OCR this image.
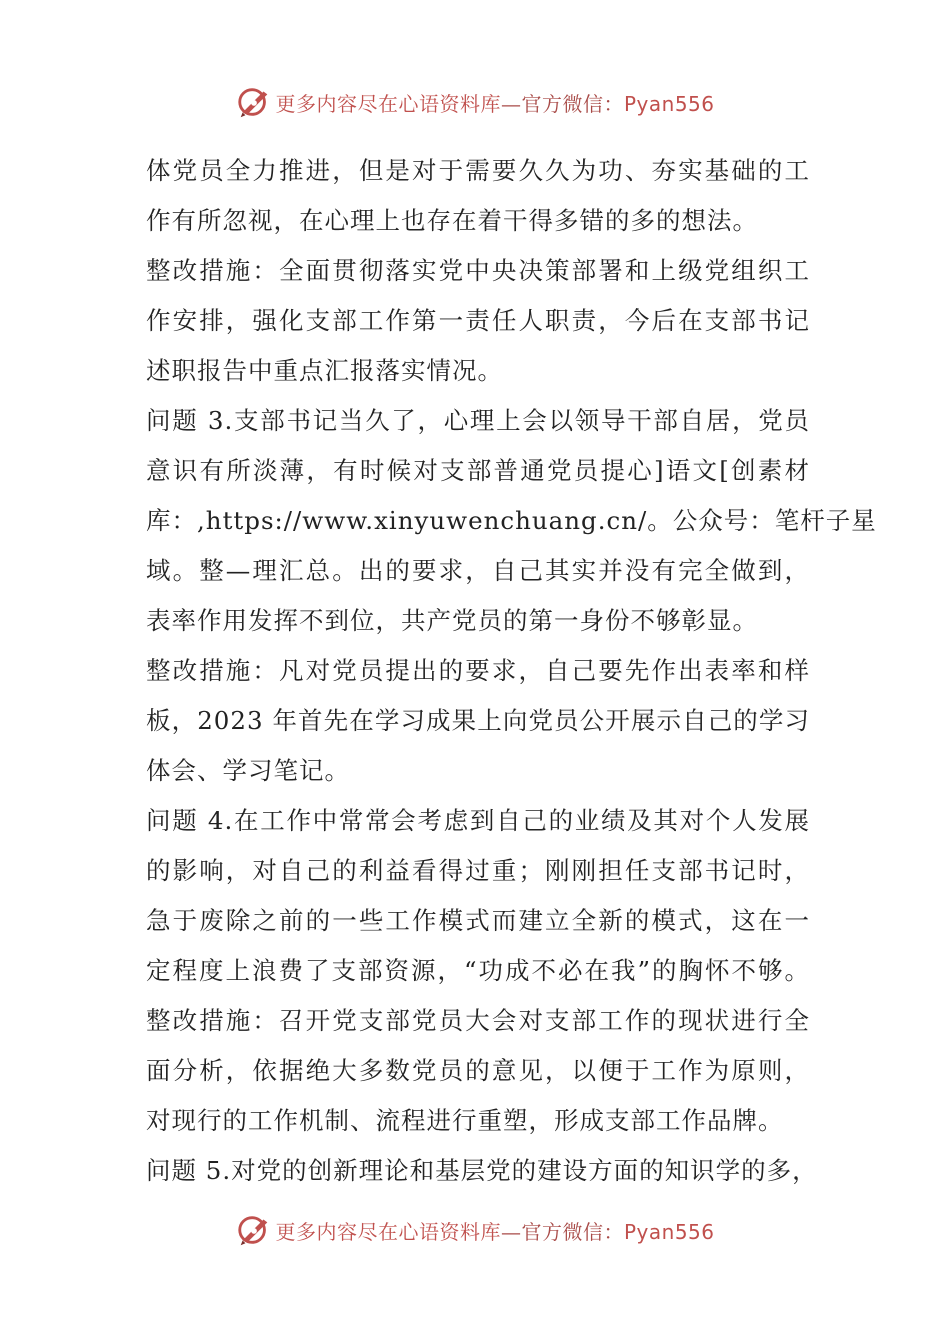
更多内容尽在心语资料库—官方微信：Pyan556
体党员全力推进，但是对于需要久久为功、夯实基础的工
作有所忽视，在心理上也存在着干得多错的多的想法。
整改措施：全面贯彻落实党中央决策部署和上级党组织工
作安排，强化支部工作第一责任人职责，今后在支部书记
述职报告中重点汇报落实情况。
问题 3.支部书记当久了，心理上会以领导干部自居，党员
意识有所淡薄，有时候对支部普通党员提心]语文[创素材
库：,https://www.xinyuwenchuang.cn/。公众号：笔杆子星
域。整—理汇总。出的要求，自己其实并没有完全做到，
表率作用发挥不到位，共产党员的第一身份不够彰显。
整改措施：凡对党员提出的要求，自己要先作出表率和样
板，2023 年首先在学习成果上向党员公开展示自己的学习
体会、学习笔记。
问题 4.在工作中常常会考虑到自己的业绩及其对个人发展
的影响，对自己的利益看得过重；刚刚担任支部书记时，
急于废除之前的一些工作模式而建立全新的模式，这在一
定程度上浪费了支部资源，“功成不必在我”的胸怀不够。
整改措施：召开党支部党员大会对支部工作的现状进行全
面分析，依据绝大多数党员的意见，以便于工作为原则，
对现行的工作机制、流程进行重塑，形成支部工作品牌。
问题 5.对党的创新理论和基层党的建设方面的知识学的多，
更多内容尽在心语资料库—官方微信：Pyan556
